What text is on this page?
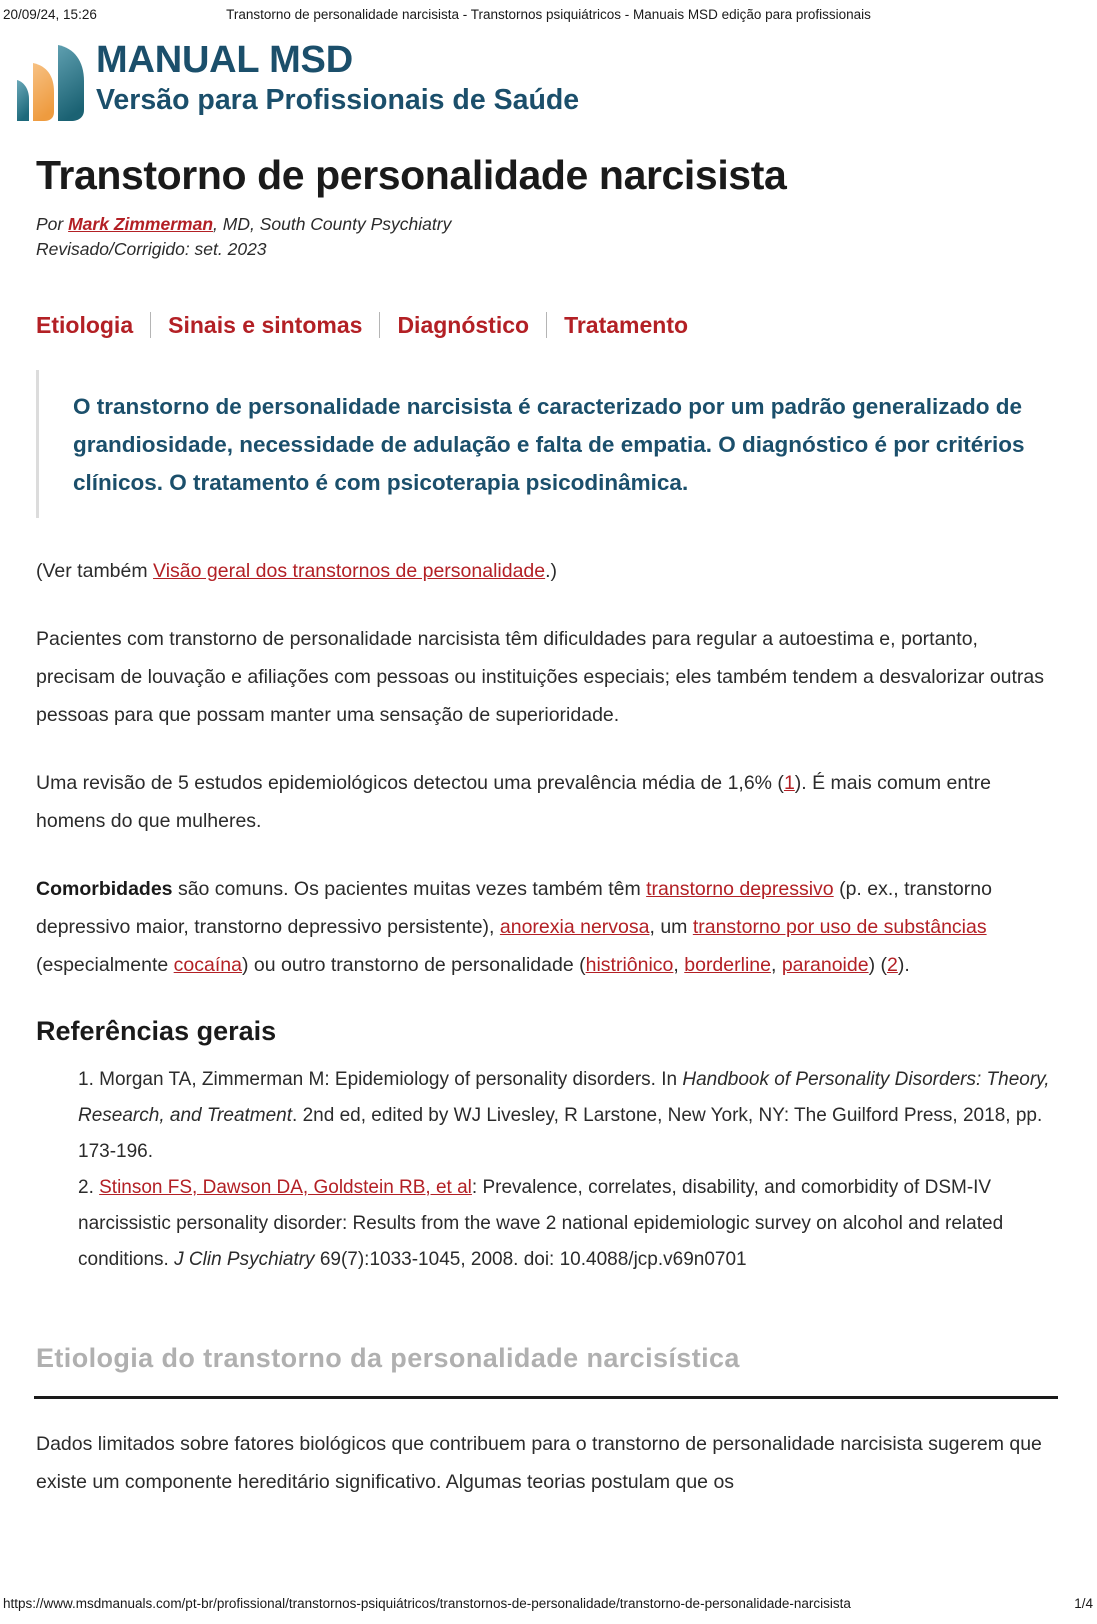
20/09/24, 15:26	Transtorno de personalidade narcisista - Transtornos psiquiátricos - Manuais MSD edição para profissionais
MANUAL MSD
Versão para Profissionais de Saúde
Transtorno de personalidade narcisista
Por Mark Zimmerman, MD, South County Psychiatry
Revisado/Corrigido: set. 2023
Etiologia Sinais e sintomas Diagnóstico Tratamento

O transtorno de personalidade narcisista é caracterizado por um padrão generalizado de grandiosidade, necessidade de adulação e falta de empatia. O diagnóstico é por critérios clínicos. O tratamento é com psicoterapia psicodinâmica.

(Ver também Visão geral dos transtornos de personalidade.)

Pacientes com transtorno de personalidade narcisista têm dificuldades para regular a autoestima e, portanto, precisam de louvação e afiliações com pessoas ou instituições especiais; eles também tendem a desvalorizar outras pessoas para que possam manter uma sensação de superioridade.

Uma revisão de 5 estudos epidemiológicos detectou uma prevalência média de 1,6% (1). É mais comum entre homens do que mulheres.

Comorbidades são comuns. Os pacientes muitas vezes também têm transtorno depressivo (p. ex., transtorno depressivo maior, transtorno depressivo persistente), anorexia nervosa, um transtorno por uso de substâncias (especialmente cocaína) ou outro transtorno de personalidade (histriônico, borderline, paranoide) (2).

Referências gerais
1. Morgan TA, Zimmerman M: Epidemiology of personality disorders. In Handbook of Personality Disorders: Theory, Research, and Treatment. 2nd ed, edited by WJ Livesley, R Larstone, New York, NY: The Guilford Press, 2018, pp. 173-196.
2. Stinson FS, Dawson DA, Goldstein RB, et al: Prevalence, correlates, disability, and comorbidity of DSM-IV narcissistic personality disorder: Results from the wave 2 national epidemiologic survey on alcohol and related conditions. J Clin Psychiatry 69(7):1033-1045, 2008. doi: 10.4088/jcp.v69n0701
Etiologia do transtorno da personalidade narcisística

Dados limitados sobre fatores biológicos que contribuem para o transtorno de personalidade narcisista sugerem que existe um componente hereditário significativo. Algumas teorias postulam que os

https://www.msdmanuals.com/pt-br/profissional/transtornos-psiquiátricos/transtornos-de-personalidade/transtorno-de-personalidade-narcisista	1/4
